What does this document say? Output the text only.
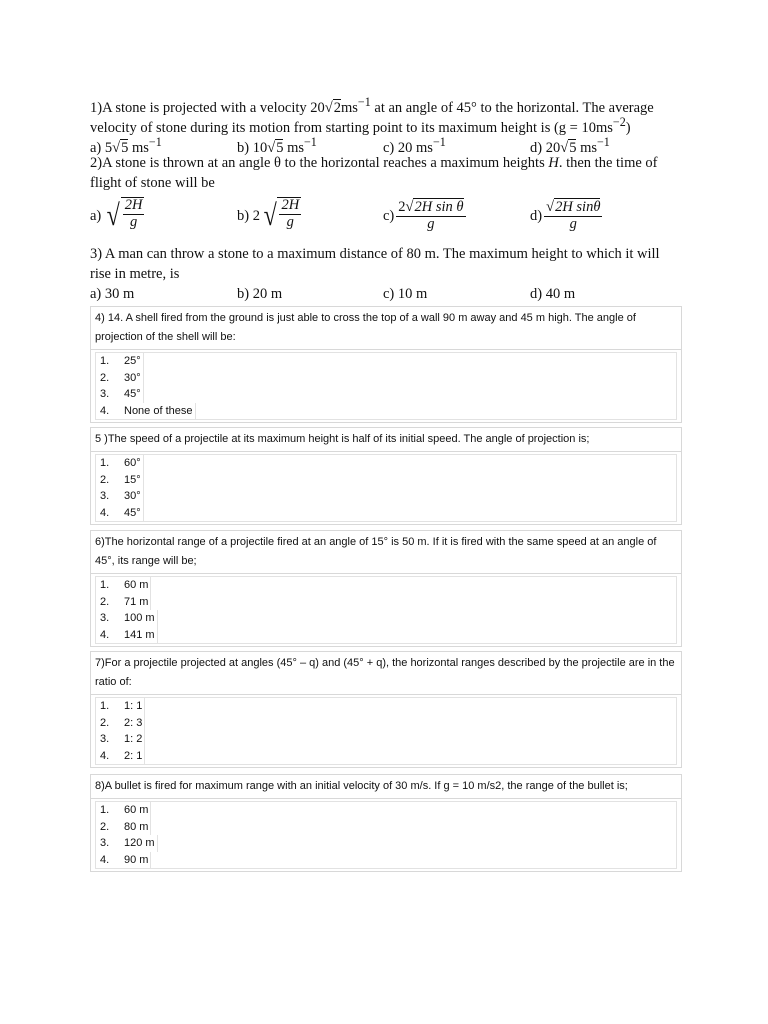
1)A stone is projected with a velocity $20√2ms^{-1}$ at an angle of 45° to the horizontal. The average
velocity of stone during its motion from starting point to its maximum height is $(g = 10ms^{-2})$
a) 5√5 $ms^{-1}$	b) 10√5 $ms^{-1}$	c) 20 $ms^{-1}$	d) 20√5 $ms^{-1}$
2)A stone is thrown at an angle θ to the horizontal reaches a maximum heights H. then the time of
flight of stone will be
a) √ $\frac{2H}{g}$	b) 2 √ $\frac{2H}{g}$	$c) \frac{\text{2√2H sin θ}}{g}$	$d) \frac{\text{√2H sinθ}}{g}$
3) A man can throw a stone to a maximum distance of 80 m. The maximum height to which it will
rise in metre, is
a) 30 m	b) 20 m	c) 10 m	d) 40 m
4) 14. A shell fired from the ground is just able to cross the top of a wall 90 m away and 45 m high. The angle of projection of the shell will be:
1.	25°
2.	30°
3.	45°
4.	None of these
5 )The speed of a projectile at its maximum height is half of its initial speed. The angle of projection is;
1.	60°
2.	15°
3.	30°
4.	45°
6)The horizontal range of a projectile fired at an angle of 15° is 50 m. If it is fired with the same speed at an angle of 45°, its range will be;
1.	60 m
2.	71 m
3.	100 m
4.	141 m
7)For a projectile projected at angles (45° – q) and (45° + q), the horizontal ranges described by the projectile are in the ratio of:
1.	1: 1
2.	2: 3
3.	1: 2
4.	2: 1
8)A bullet is fired for maximum range with an initial velocity of 30 m/s. If g = 10 m/s2, the range of the bullet is;
1.	60 m
2.	80 m
3.	120 m
4.	90 m
